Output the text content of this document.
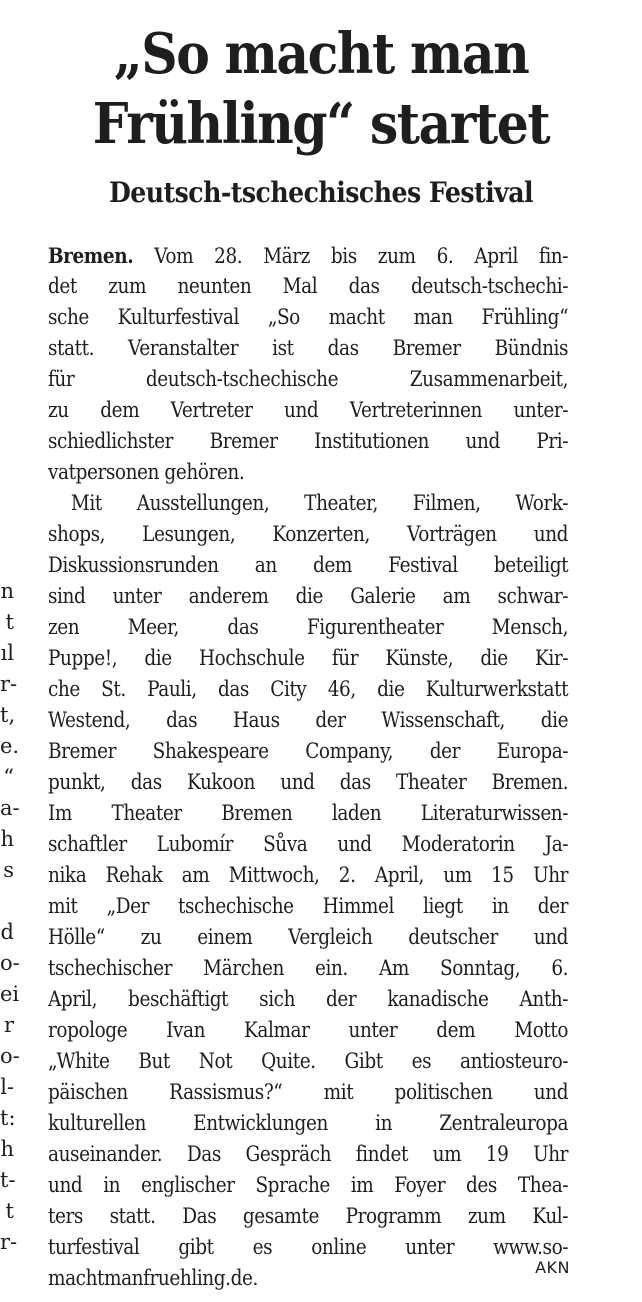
„So macht man
Frühling“ startet
Deutsch-tschechisches Festival
Bremen. Vom 28. März bis zum 6. April fin-
det zum neunten Mal das deutsch-tschechi-
sche Kulturfestival „So macht man Frühling“
statt. Veranstalter ist das Bremer Bündnis
für deutsch-tschechische Zusammenarbeit,
zu dem Vertreter und Vertreterinnen unter-
schiedlichster Bremer Institutionen und Pri-
vatpersonen gehören.
Mit Ausstellungen, Theater, Filmen, Work-
shops, Lesungen, Konzerten, Vorträgen und
Diskussionsrunden an dem Festival beteiligt
sind unter anderem die Galerie am schwar-
zen Meer, das Figurentheater Mensch,
Puppe!, die Hochschule für Künste, die Kir-
che St. Pauli, das City 46, die Kulturwerkstatt
Westend, das Haus der Wissenschaft, die
Bremer Shakespeare Company, der Europa-
punkt, das Kukoon und das Theater Bremen.
Im Theater Bremen laden Literaturwissen-
schaftler Lubomír Sůva und Moderatorin Ja-
nika Rehak am Mittwoch, 2. April, um 15 Uhr
mit „Der tschechische Himmel liegt in der
Hölle“ zu einem Vergleich deutscher und
tschechischer Märchen ein. Am Sonntag, 6.
April, beschäftigt sich der kanadische Anth-
ropologe Ivan Kalmar unter dem Motto
„White But Not Quite. Gibt es antiosteuro-
päischen Rassismus?“ mit politischen und
kulturellen Entwicklungen in Zentraleuropa
auseinander. Das Gespräch findet um 19 Uhr
und in englischer Sprache im Foyer des Thea-
ters statt. Das gesamte Programm zum Kul-
turfestival gibt es online unter www.so-
machtmanfruehling.de.	AKN
n
t
ıl
r-
t,
e.
“
a-
h
s
d
o-
ei
r
o-
l-
t:
h
t-
t
r-
